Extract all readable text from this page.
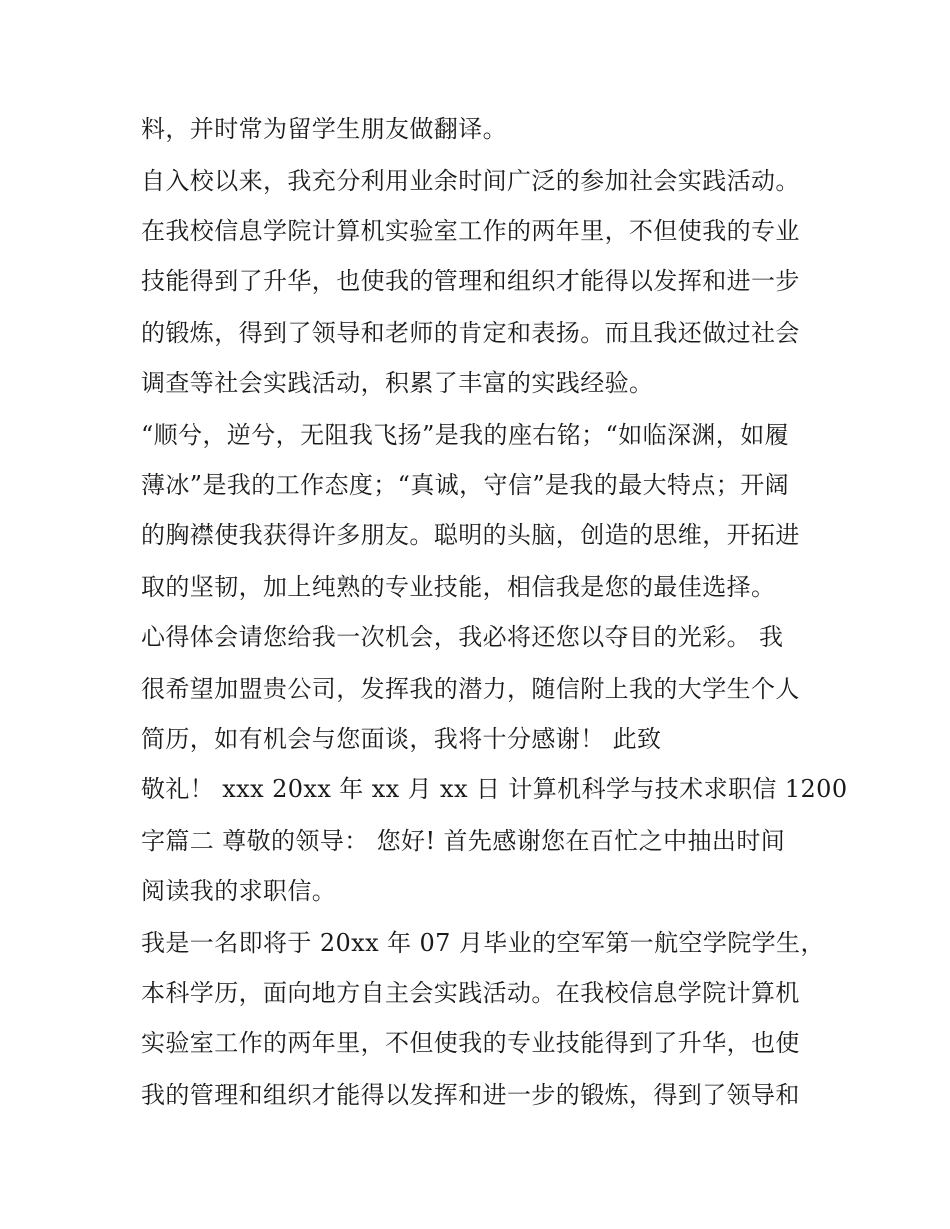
料，并时常为留学生朋友做翻译。
自入校以来，我充分利用业余时间广泛的参加社会实践活动。
在我校信息学院计算机实验室工作的两年里，不但使我的专业
技能得到了升华，也使我的管理和组织才能得以发挥和进一步
的锻炼，得到了领导和老师的肯定和表扬。而且我还做过社会
调查等社会实践活动，积累了丰富的实践经验。
“顺兮，逆兮，无阻我飞扬”是我的座右铭；“如临深渊，如履
薄冰”是我的工作态度；“真诚，守信”是我的最大特点；开阔
的胸襟使我获得许多朋友。聪明的头脑，创造的思维，开拓进
取的坚韧，加上纯熟的专业技能，相信我是您的最佳选择。
心得体会请您给我一次机会，我必将还您以夺目的光彩。 我
很希望加盟贵公司，发挥我的潜力，随信附上我的大学生个人
简历，如有机会与您面谈，我将十分感谢！ 此致
敬礼！ xxx 20xx 年 xx 月 xx 日 计算机科学与技术求职信 1200
字篇二 尊敬的领导： 您好! 首先感谢您在百忙之中抽出时间
阅读我的求职信。
我是一名即将于 20xx 年 07 月毕业的空军第一航空学院学生，
本科学历，面向地方自主会实践活动。在我校信息学院计算机
实验室工作的两年里，不但使我的专业技能得到了升华，也使
我的管理和组织才能得以发挥和进一步的锻炼，得到了领导和
